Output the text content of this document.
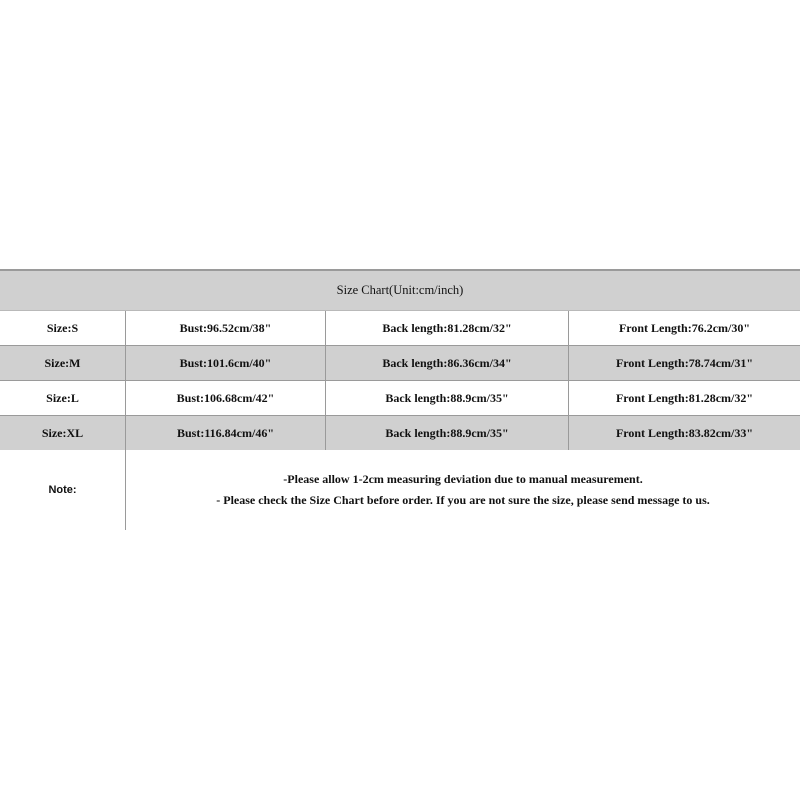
Size Chart(Unit:cm/inch)
Size:S	Bust:96.52cm/38"	Back length:81.28cm/32"	Front Length:76.2cm/30"
Size:M	Bust:101.6cm/40"	Back length:86.36cm/34"	Front Length:78.74cm/31"
Size:L	Bust:106.68cm/42"	Back length:88.9cm/35"	Front Length:81.28cm/32"
Size:XL	Bust:116.84cm/46"	Back length:88.9cm/35"	Front Length:83.82cm/33"
Note:
-Please allow 1-2cm measuring deviation due to manual measurement.
- Please check the Size Chart before order. If you are not sure the size, please send message to us.
